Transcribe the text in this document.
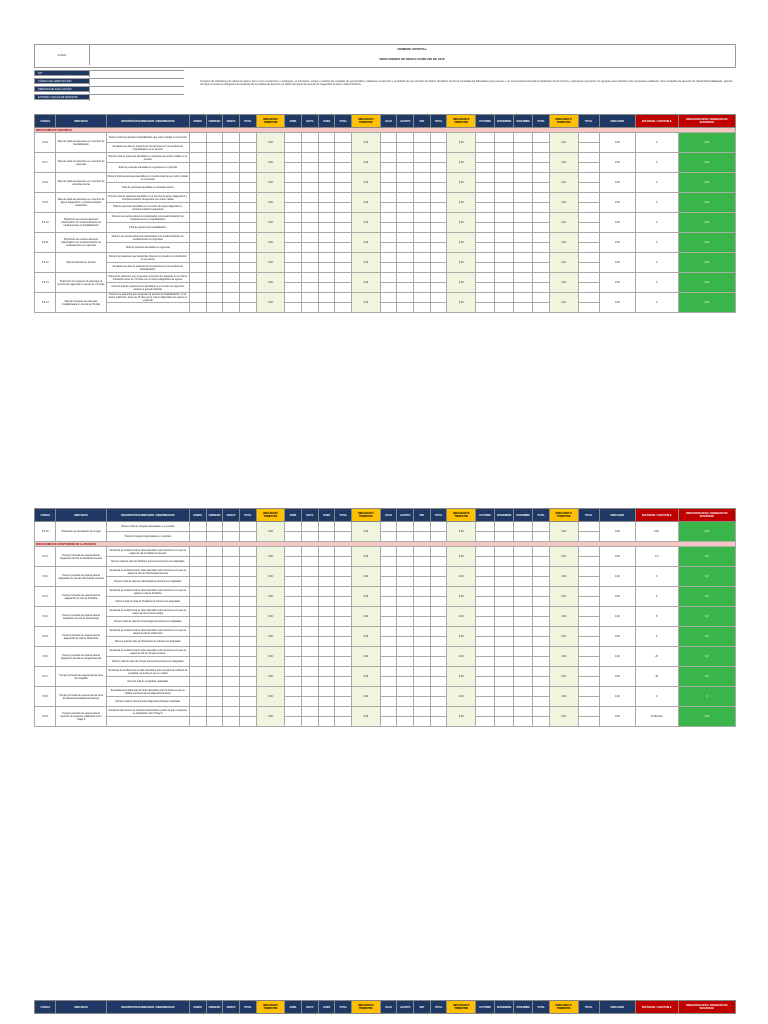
LOGO
NOMBRE HOSPITAL
INDICADORES DE RESOLUCIÓN 256 DE 2016
NIT
CÓDIGO DE HABILITACIÓN
PERIODO DE EVALUACIÓN
ENTIDAD / FECHA DE REPORTE
Conjunto de indicadores de alerta temprana, tiene como mecanismo o estrategia, en intercepto, revisar y analizar las variables de oportunidad y calidad en la atención y prestación de los servicios de Salud. Identificar de forma inmediata las dificultades que muestre y, en consecuencia formular la aplicación de los hechos y soluciones oportunas. Se agrupan estos diseños como propuesta establecer. Sus resultados de atención de Salud Nacional/Estado, aportes de trigos al Sistema Obligatorio de Garantía de la Calidad de Atención en Salud del Sistema General de Seguridad Social en Salud SOGCS.
CÓDIGO	INDICADOR	DESCRIPCIÓN NUMERADOR / DENOMINADOR	ENERO	FEBRERO	MARZO	TOTAL	INDICADOR I TRIMESTRE	ABRIL	MAYO	JUNIO	TOTAL	INDICADOR II TRIMESTRE	JULIO	AGOSTO	SEP	TOTAL	INDICADOR III TRIMESTRE	OCTUBRE	NOVIEMBRE	DICIEMBRE	TOTAL	INDICADOR IV TRIMESTRE	TOTAL	INDICADOR	ESTÁNDAR / ACEPTABLE	SEMAFORIZACIÓN / GENERADO DE SEGURIDAD
INDICADORES DE SEGURIDAD																										
P.2.6	Tasa de caída de pacientes en el servicio de hospitalización	Número total de pacientes hospitalizados que sufren caídas en el periodo					0,00					0,00					0,00					0,00		0,00	0	0,00
		Sumatoria de días de estancia de los pacientes en los servicios de hospitalización en el periodo																								
P.2.7	Tasa de caída de pacientes en el servicio de urgencias	Número total de pacientes atendidos en urgencias que sufren caídas en el periodo					0,00					0,00					0,00					0,00		0,00	0	0,00
		Total de personas atendidas en urgencias en el periodo																								
P.2.8	Tasa de caída de pacientes en el servicio de consulta externa	Número total de pacientes atendidos en consulta externa que sufren caídas en el periodo					0,00					0,00					0,00					0,00		0,00	0	0,00
		Total de personas atendidas en consulta externa																								
P.2.9	Tasa de caída de pacientes en el servicio de apoyo diagnóstico y complementación terapéutica	Número total de pacientes atendidos en el servicio de apoyo diagnóstico y Complementación Terapéutica que sufren caídas					0,00					0,00					0,00					0,00		0,00	0	0,00
		Total de personas atendidas en el servicio de apoyo diagnóstico y complementación terapéutica																								
P.2.10	Proporción de eventos adversos relacionados con la administración de medicamentos en hospitalización	Número de eventos adversos relacionados con la administración de medicamentos en hospitalización					0,00					0,00					0,00					0,00		0,00	0	0,00
		Total de egresos de hospitalización																								
P.2.11	Proporción de eventos adversos relacionados con la administración de medicamentos en urgencias	Número de eventos adversos relacionados con la administración de medicamentos en urgencias					0,00					0,00					0,00					0,00		0,00	0	0,00
		Total de personas atendidas en urgencias																								
P.2.12	Tasa de úlceras por presión	Número de pacientes que desarrollan úlceras por presión en la institución en el periodo					0,00					0,00					0,00					0,00		0,00	0	0,00
		Sumatoria de días de estancia de los pacientes en los servicios de hospitalización																								
P.2.13	Proporción de reingreso de pacientes al servicio de urgencias en menos de 72 horas	Número de pacientes que reingresan al servicio de urgencias en la misma institución antes de 72 horas con el mismo diagnóstico de egreso					0,00					0,00					0,00					0,00		0,00	0	0,00
		Número total de egresos vivos atendidos en el servicio de urgencias durante el periodo definido																								
P.2.14	Tasa de reingreso de pacientes hospitalizados en menos de 15 días	Número de pacientes que reingresan al servicio de hospitalización, en la misma institución, antes de 15 días por el mismo diagnóstico de egreso en el periodo					0,00					0,00					0,00					0,00		0,00	0	0,00

CÓDIGO	INDICADOR	DESCRIPCIÓN NUMERADOR / DENOMINADOR	ENERO	FEBRERO	MARZO	TOTAL	INDICADOR I TRIMESTRE	ABRIL	MAYO	JUNIO	TOTAL	INDICADOR II TRIMESTRE	JULIO	AGOSTO	SEP	TOTAL	INDICADOR III TRIMESTRE	OCTUBRE	NOVIEMBRE	DICIEMBRE	TOTAL	INDICADOR IV TRIMESTRE	TOTAL	INDICADOR	ESTÁNDAR / ACEPTABLE	SEMAFORIZACIÓN / GENERADO DE SEGURIDAD
P.2.15	Proporción de cancelación de cirugía	Número total de cirugías canceladas en el periodo					0,00					0,00					0,00					0,00		0,00	10%	0,00
		Total de cirugías programadas en el periodo																								
INDICADORES DE OPORTUNIDAD EN LA ATENCIÓN																										
P.3.1	Tiempo promedio de espera para la asignación de cita de Medicina General	Sumatoria de la diferencia de días calendario entre la fecha en la que se asignó la cita de Medicina General					0,00					0,00					0,00					0,00		0,00	3,0	0,0
		Número total de citas de Medicina General de primera vez asignadas																								
P.3.2	Tiempo promedio de espera para la asignación de cita de Odontología General	Sumatoria de la diferencia de días calendario entre la fecha en la que se asignó la cita de Odontología General					0,00					0,00					0,00					0,00		0,00	3	0,0
		Número total de citas de odontología de primera vez asignadas																								
P.3.3	Tiempo promedio de espera para la asignación de cita de Pediatría	Sumatoria de la diferencia de días calendario entre la fecha en la que se asignó la cita de Pediatría					0,00					0,00					0,00					0,00		0,00	5	0,0
		Número total de citas de Pediatría de primera vez asignadas																								
P.3.4	Tiempo promedio de espera para la asignación de cita de Ginecología	Sumatoria de la diferencia de días calendario entre la fecha en la que se asignó la cita de Ginecología					0,00					0,00					0,00					0,00		0,00	8	0,0
		Número total de citas de Ginecología de primera vez asignadas																								
P.3.5	Tiempo promedio de espera para la asignación de cita de Obstetricia	Sumatoria de la diferencia de días calendario entre la fecha en la que se asignó la cita de Obstetricia					0,00					0,00					0,00					0,00		0,00	5	0,0
		Número total de citas de Obstetricia de primera vez asignadas																								
P.3.6	Tiempo promedio de espera para la asignación de cita de Cirugía General	Sumatoria de la diferencia de días calendario entre la fecha en la que se asignó la cita de Cirugía General					0,00					0,00					0,00					0,00		0,00	20	0,0
		Número total de citas de Cirugía General de primera vez asignadas																								
P.3.7	Tiempo promedio de espera para la toma de ecografía	Sumatoria de la diferencia de días calendario entre la fecha de solicitud de ecografía y la fecha en que se realiza					0,00					0,00					0,00					0,00		0,00	15	0,0
		Número total de ecografías realizadas																								
P.3.8	Tiempo promedio de espera para la toma de Resonancia Magnética Nuclear	Sumatoria de la diferencia de días calendario entre la fecha en que se solicita una Resonancia Magnética Nuclear					0,00					0,00					0,00					0,00		0,00	0	0
		Número total de Resonancias Magnéticas Nuclear realizadas																								
P.3.9	Tiempo promedio de espera para la atención del paciente clasificado como Triage II	Sumatoria del número de minutos transcurridos a partir de que el paciente es clasificado como Triage II					0,00					0,00					0,00					0,00		0,00	30 Minutos	0,00

CÓDIGO	INDICADOR	DESCRIPCIÓN NUMERADOR / DENOMINADOR	ENERO	FEBRERO	MARZO	TOTAL	INDICADOR I TRIMESTRE	ABRIL	MAYO	JUNIO	TOTAL	INDICADOR II TRIMESTRE	JULIO	AGOSTO	SEP	TOTAL	INDICADOR III TRIMESTRE	OCTUBRE	NOVIEMBRE	DICIEMBRE	TOTAL	INDICADOR IV TRIMESTRE	TOTAL	INDICADOR	ESTÁNDAR / ACEPTABLE	SEMAFORIZACIÓN / GENERADO DE SEGURIDAD
